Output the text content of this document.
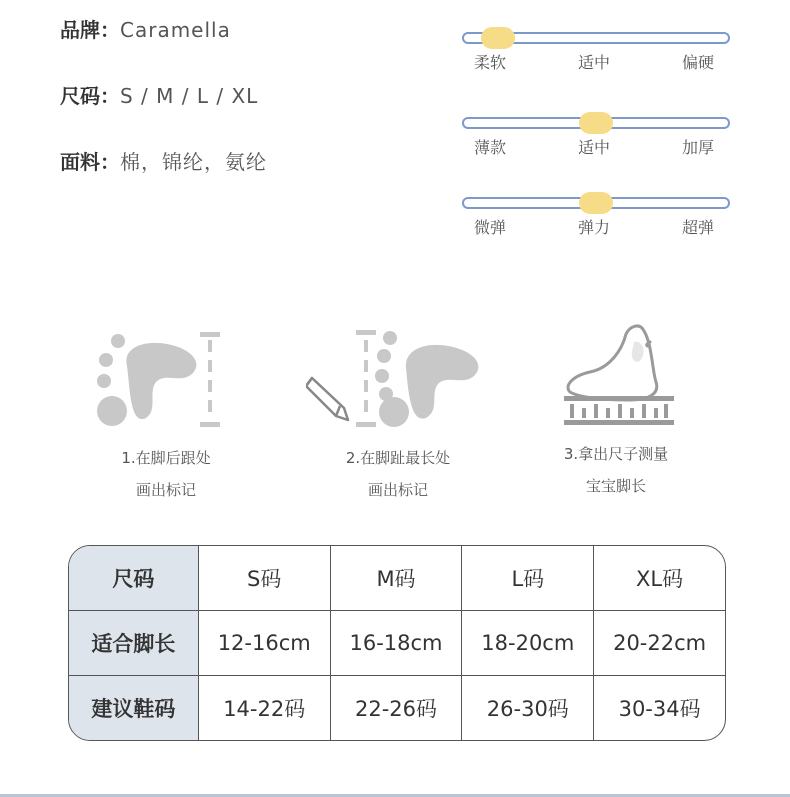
品牌：Caramella
尺码：S / M / L / XL
面料：棉，锦纶，氨纶
柔软	适中	偏硬
薄款	适中	加厚
微弹	弹力	超弹
1.在脚后跟处
画出标记
2.在脚趾最长处
画出标记
3.拿出尺子测量
宝宝脚长
尺码	S码	M码	L码	XL码
适合脚长	12-16cm	16-18cm	18-20cm	20-22cm
建议鞋码	14-22码	22-26码	26-30码	30-34码
